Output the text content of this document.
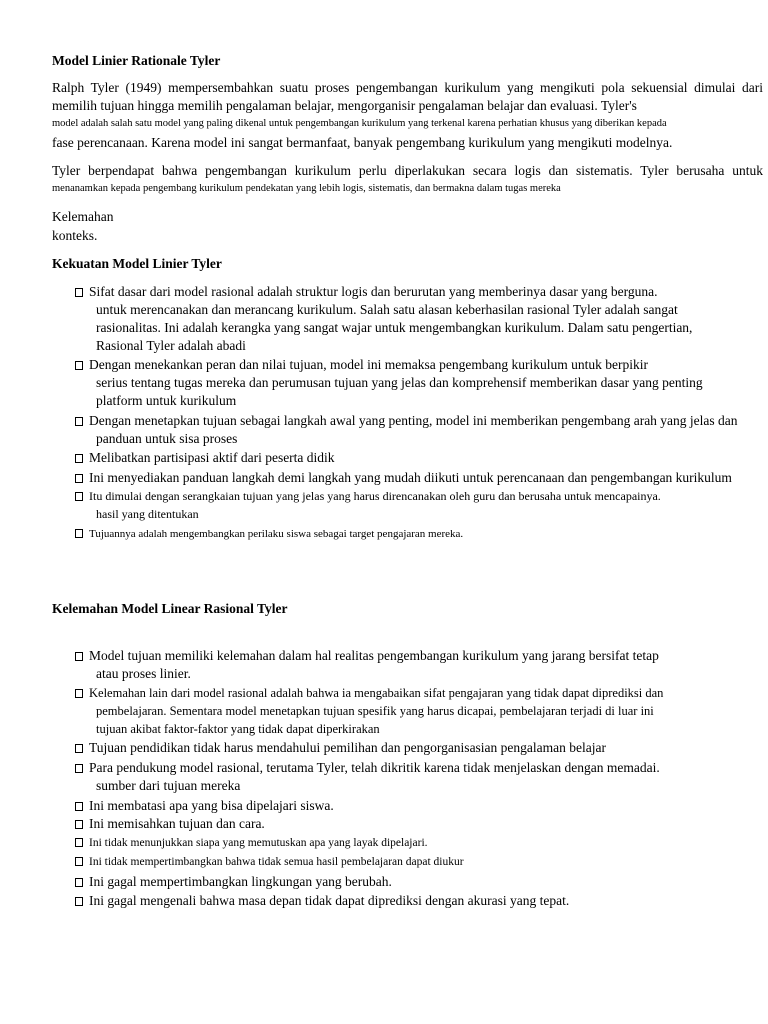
Model Linier Rationale Tyler
Ralph Tyler (1949) mempersembahkan suatu proses pengembangan kurikulum yang mengikuti pola sekuensial dimulai dari
memilih tujuan hingga memilih pengalaman belajar, mengorganisir pengalaman belajar dan evaluasi. Tyler's
model adalah salah satu model yang paling dikenal untuk pengembangan kurikulum yang terkenal karena perhatian khusus yang diberikan kepada
fase perencanaan. Karena model ini sangat bermanfaat, banyak pengembang kurikulum yang mengikuti modelnya.
Tyler berpendapat bahwa pengembangan kurikulum perlu diperlakukan secara logis dan sistematis. Tyler berusaha untuk
menanamkan kepada pengembang kurikulum pendekatan yang lebih logis, sistematis, dan bermakna dalam tugas mereka
Kelemahan
konteks.
Kekuatan Model Linier Tyler
Sifat dasar dari model rasional adalah struktur logis dan berurutan yang memberinya dasar yang berguna.
untuk merencanakan dan merancang kurikulum. Salah satu alasan keberhasilan rasional Tyler adalah sangat
rasionalitas. Ini adalah kerangka yang sangat wajar untuk mengembangkan kurikulum. Dalam satu pengertian,
Rasional Tyler adalah abadi
Dengan menekankan peran dan nilai tujuan, model ini memaksa pengembang kurikulum untuk berpikir
serius tentang tugas mereka dan perumusan tujuan yang jelas dan komprehensif memberikan dasar yang penting
platform untuk kurikulum
Dengan menetapkan tujuan sebagai langkah awal yang penting, model ini memberikan pengembang arah yang jelas dan
panduan untuk sisa proses
Melibatkan partisipasi aktif dari peserta didik
Ini menyediakan panduan langkah demi langkah yang mudah diikuti untuk perencanaan dan pengembangan kurikulum
Itu dimulai dengan serangkaian tujuan yang jelas yang harus direncanakan oleh guru dan berusaha untuk mencapainya.
hasil yang ditentukan
Tujuannya adalah mengembangkan perilaku siswa sebagai target pengajaran mereka.
Kelemahan Model Linear Rasional Tyler
Model tujuan memiliki kelemahan dalam hal realitas pengembangan kurikulum yang jarang bersifat tetap
atau proses linier.
Kelemahan lain dari model rasional adalah bahwa ia mengabaikan sifat pengajaran yang tidak dapat diprediksi dan
pembelajaran. Sementara model menetapkan tujuan spesifik yang harus dicapai, pembelajaran terjadi di luar ini
tujuan akibat faktor-faktor yang tidak dapat diperkirakan
Tujuan pendidikan tidak harus mendahului pemilihan dan pengorganisasian pengalaman belajar
Para pendukung model rasional, terutama Tyler, telah dikritik karena tidak menjelaskan dengan memadai.
sumber dari tujuan mereka
Ini membatasi apa yang bisa dipelajari siswa.
Ini memisahkan tujuan dan cara.
Ini tidak menunjukkan siapa yang memutuskan apa yang layak dipelajari.
Ini tidak mempertimbangkan bahwa tidak semua hasil pembelajaran dapat diukur
Ini gagal mempertimbangkan lingkungan yang berubah.
Ini gagal mengenali bahwa masa depan tidak dapat diprediksi dengan akurasi yang tepat.
